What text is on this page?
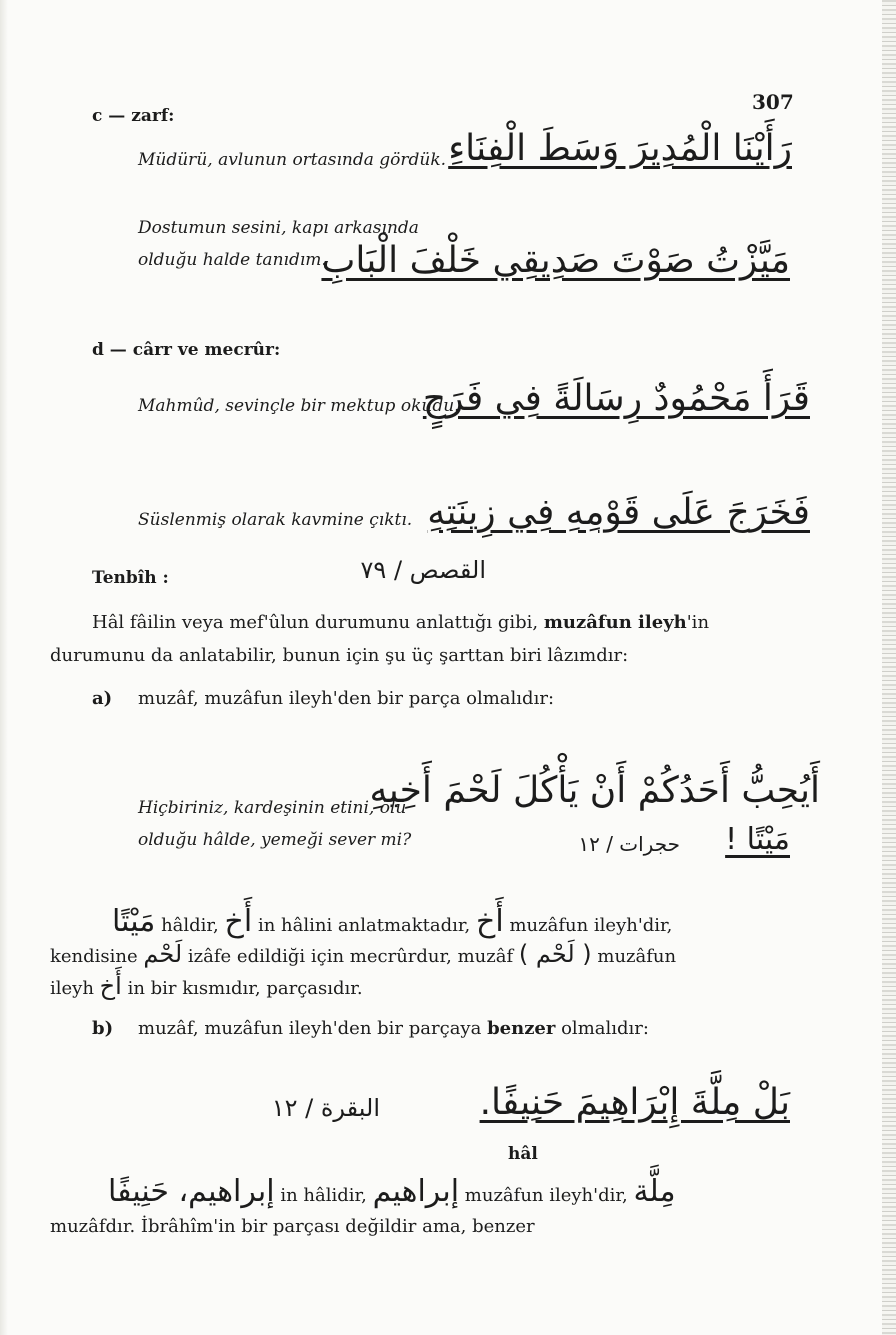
307
c — zarf:
Müdürü, avlunun ortasında gördük. رَأَيْنَا الْمُدِيرَ وَسَطَ الْفِنَاءِ
Dostumun sesini, kapı arkasında
olduğu halde tanıdım.
مَيَّزْتُ صَوْتَ صَدِيقِي خَلْفَ الْبَابِ
d — cârr ve mecrûr:
Mahmûd, sevinçle bir mektup okudu.
قَرَأَ مَحْمُودٌ رِسَالَةً فِي فَرَحٍ
Süslenmiş olarak kavmine çıktı. فَخَرَجَ عَلَى قَوْمِهِ فِي زِينَتِهِ
القصص / ٧٩
Tenbîh :
Hâl fâilin veya mef'ûlun durumunu anlattığı gibi, muzâfun ileyh'in
durumunu da anlatabilir, bunun için şu üç şarttan biri lâzımdır:
a) muzâf, muzâfun ileyh'den bir parça olmalıdır:
Hiçbiriniz, kardeşinin etini, ölü
olduğu hâlde, yemeği sever mi?
أَيُحِبُّ أَحَدُكُمْ أَنْ يَأْكُلَ لَحْمَ أَخِيهِ
مَيْتًا !
حجرات / ١٢
مَيْتًا hâldir, أَخ in hâlini anlatmaktadır, أَخ muzâfun ileyh'dir,
kendisine لَحْم izâfe edildiği için mecrûrdur, muzâf ( لَحْم ) muzâfun
ileyh أَخ in bir kısmıdır, parçasıdır.
b) muzâf, muzâfun ileyh'den bir parçaya benzer olmalıdır:
بَلْ مِلَّةَ إِبْرَاهِيمَ حَنِيفًا.
البقرة / ١٢
hâl
إبراهيم، حَنِيفًا in hâlidir, إبراهيم muzâfun ileyh'dir, مِلَّة
muzâfdır. İbrâhîm'in bir parçası değildir ama, benzer
